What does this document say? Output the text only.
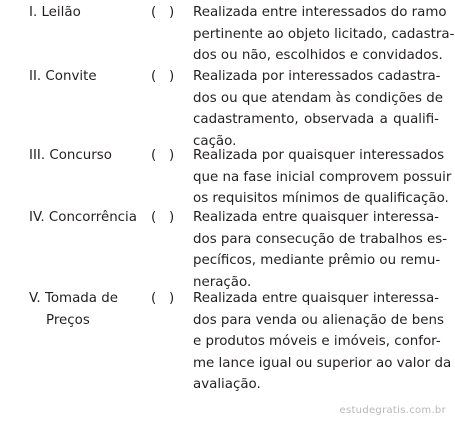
I. Leilão	(   ) Realizada entre interessados do ramo
pertinente ao objeto licitado, cadastra-
dos ou não, escolhidos e convidados.
II. Convite	(   ) Realizada por interessados cadastra-
dos ou que atendam às condições de
cadastramento, observada a qualifi-
cação.
III. Concurso	(   ) Realizada por quaisquer interessados
que na fase inicial comprovem possuir
os requisitos mínimos de qualificação.
IV. Concorrência (   ) Realizada entre quaisquer interessa-
dos para consecução de trabalhos es-
pecíficos, mediante prêmio ou remu-
neração.
V. Tomada de
Preços
(   ) Realizada entre quaisquer interessa-
dos para venda ou alienação de bens
e produtos móveis e imóveis, confor-
me lance igual ou superior ao valor da
avaliação.
estudegratis.com.br
